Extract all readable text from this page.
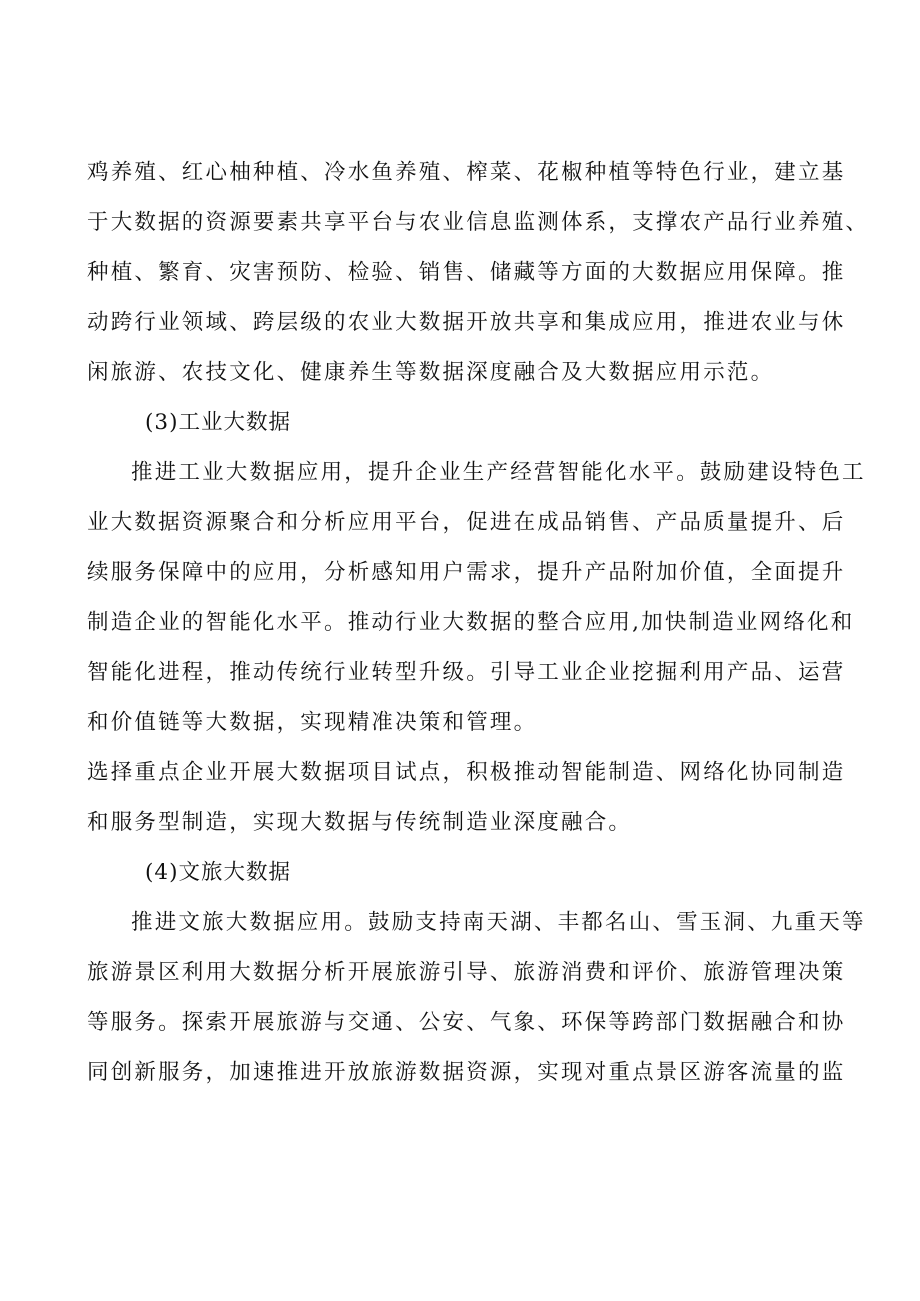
鸡养殖、红心柚种植、冷水鱼养殖、榨菜、花椒种植等特色行业，建立基
于大数据的资源要素共享平台与农业信息监测体系，支撑农产品行业养殖、
种植、繁育、灾害预防、检验、销售、储藏等方面的大数据应用保障。推
动跨行业领域、跨层级的农业大数据开放共享和集成应用，推进农业与休
闲旅游、农技文化、健康养生等数据深度融合及大数据应用示范。
(3)工业大数据
推进工业大数据应用，提升企业生产经营智能化水平。鼓励建设特色工
业大数据资源聚合和分析应用平台，促进在成品销售、产品质量提升、后
续服务保障中的应用，分析感知用户需求，提升产品附加价值，全面提升
制造企业的智能化水平。推动行业大数据的整合应用,加快制造业网络化和
智能化进程，推动传统行业转型升级。引导工业企业挖掘利用产品、运营
和价值链等大数据，实现精准决策和管理。
选择重点企业开展大数据项目试点，积极推动智能制造、网络化协同制造
和服务型制造，实现大数据与传统制造业深度融合。
(4)文旅大数据
推进文旅大数据应用。鼓励支持南天湖、丰都名山、雪玉洞、九重天等
旅游景区利用大数据分析开展旅游引导、旅游消费和评价、旅游管理决策
等服务。探索开展旅游与交通、公安、气象、环保等跨部门数据融合和协
同创新服务，加速推进开放旅游数据资源，实现对重点景区游客流量的监
